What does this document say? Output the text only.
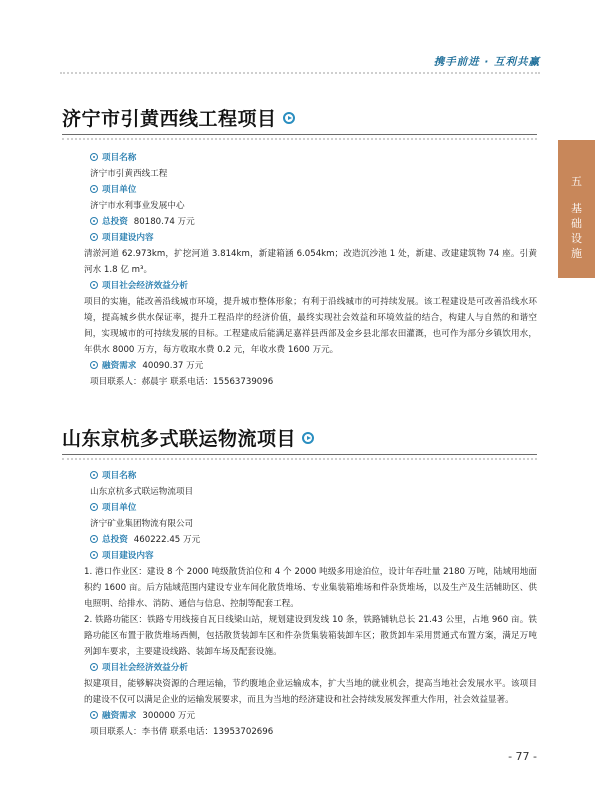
携手前进 · 互利共赢
五
基
础
设
施
济宁市引黄西线工程项目
项目名称
济宁市引黄西线工程
项目单位
济宁市水利事业发展中心
总投资 80180.74 万元
项目建设内容

清淤河道 62.973km，扩挖河道 3.814km，新建箱涵 6.054km；改造沉沙池 1 处，新建、改建建筑物 74 座。引黄河水 1.8 亿 m³。

项目社会经济效益分析

项目的实施，能改善沿线城市环境，提升城市整体形象；有利于沿线城市的可持续发展。该工程建设是可改善沿线水环境，提高城乡供水保证率，提升工程沿岸的经济价值，最终实现社会效益和环境效益的结合，构建人与自然的和谐空间，实现城市的可持续发展的目标。工程建成后能满足嘉祥县西部及金乡县北部农田灌溉，也可作为部分乡镇饮用水，年供水 8000 万方，每方收取水费 0.2 元，年收水费 1600 万元。

融资需求 40090.37 万元
项目联系人：郝晨宇 联系电话：15563739096
山东京杭多式联运物流项目
项目名称
山东京杭多式联运物流项目
项目单位
济宁矿业集团物流有限公司
总投资 460222.45 万元
项目建设内容

1. 港口作业区：建设 8 个 2000 吨级散货泊位和 4 个 2000 吨级多用途泊位，设计年吞吐量 2180 万吨，陆域用地面积约 1600 亩。后方陆域范围内建设专业车间化散货堆场、专业集装箱堆场和件杂货堆场，以及生产及生活辅助区、供电照明、给排水、消防、通信与信息、控制等配套工程。

2. 铁路功能区：铁路专用线接自瓦日线梁山站，规划建设到发线 10 条，铁路铺轨总长 21.43 公里，占地 960 亩。铁路功能区布置于散货堆场西侧，包括散货装卸车区和件杂货集装箱装卸车区；散货卸车采用贯通式布置方案，满足万吨列卸车要求，主要建设线路、装卸车场及配套设施。

项目社会经济效益分析

拟建项目，能够解决资源的合理运输，节约腹地企业运输成本，扩大当地的就业机会，提高当地社会发展水平。该项目的建设不仅可以满足企业的运输发展要求，而且为当地的经济建设和社会持续发展发挥重大作用，社会效益显著。

融资需求 300000 万元
项目联系人：李书倩 联系电话：13953702696
- 77 -
